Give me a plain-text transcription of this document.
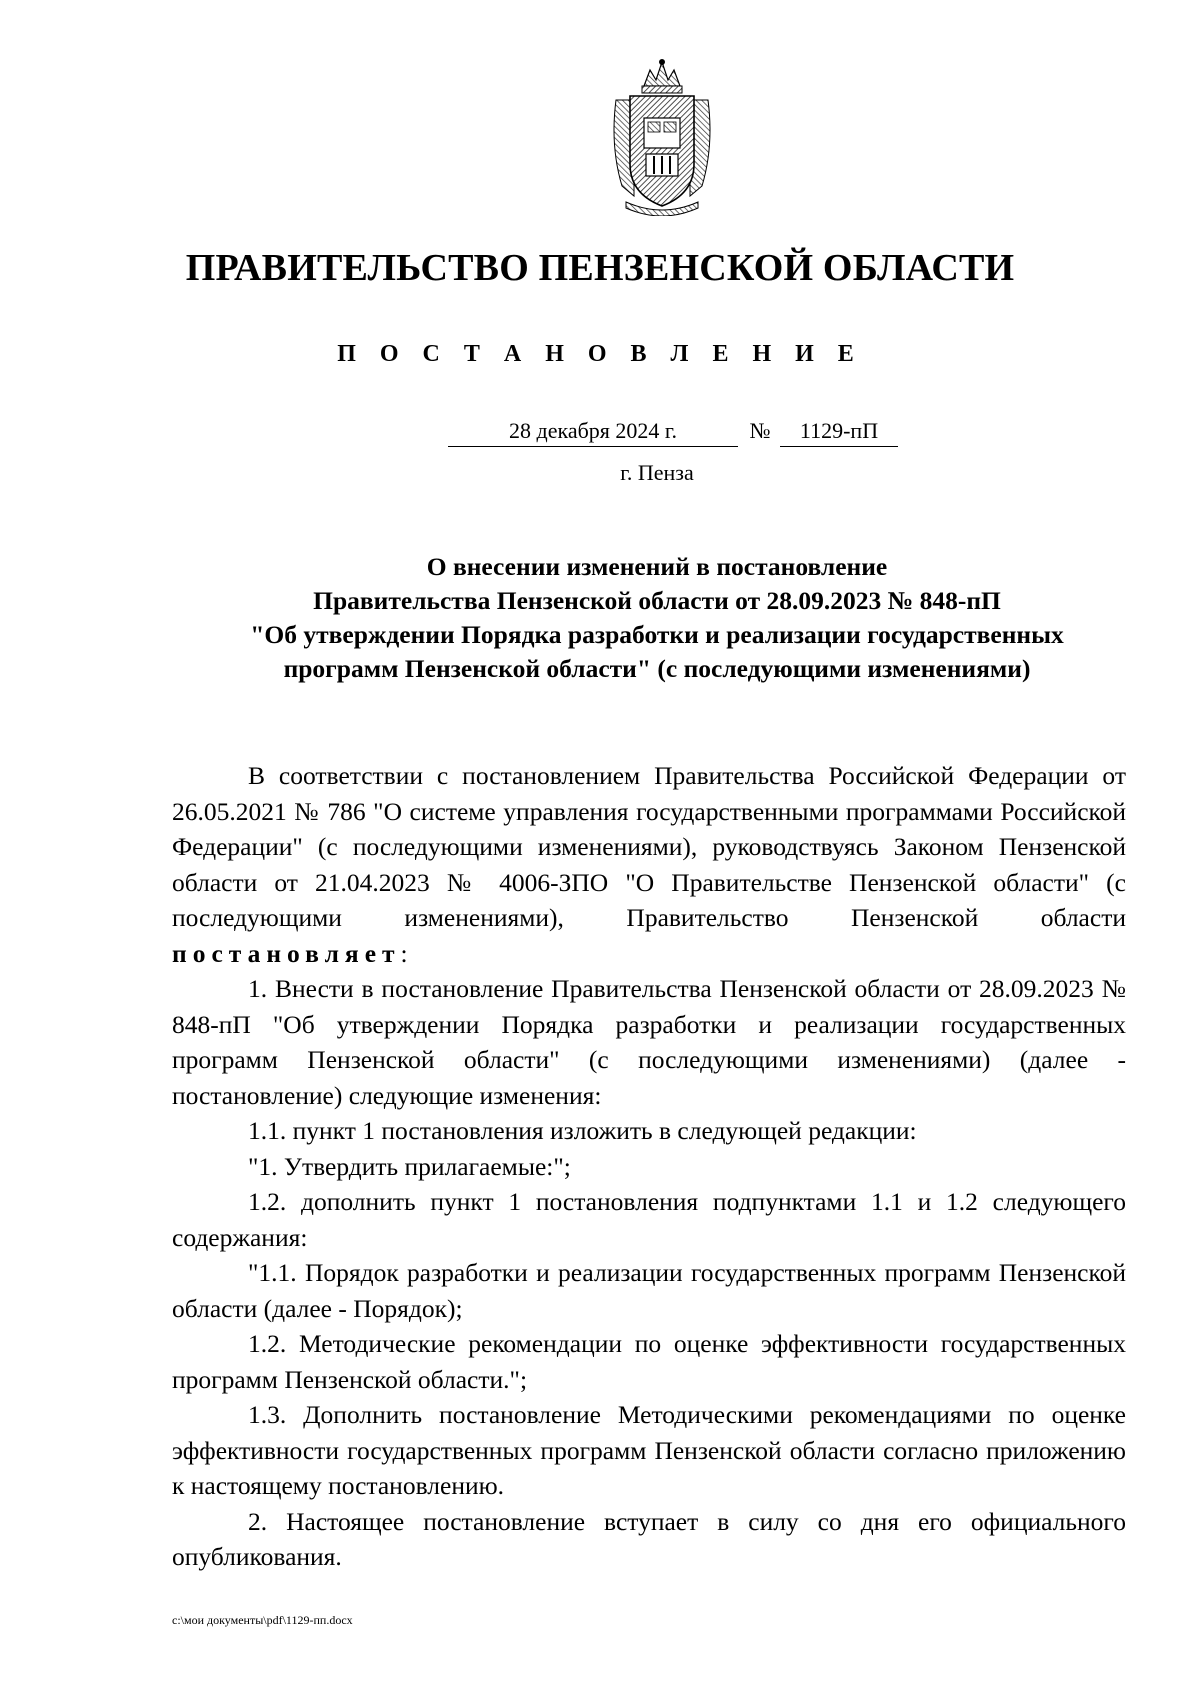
ПРАВИТЕЛЬСТВО ПЕНЗЕНСКОЙ ОБЛАСТИ
П О С Т А Н О В Л Е Н И Е
28 декабря 2024 г.	№	1129-пП
г. Пенза
О внесении изменений в постановление
Правительства Пензенской области от 28.09.2023 № 848-пП
"Об утверждении Порядка разработки и реализации государственных
программ Пензенской области" (с последующими изменениями)

В соответствии с постановлением Правительства Российской Федерации от 26.05.2021 № 786 "О системе управления государственными программами Российской Федерации" (с последующими изменениями), руководствуясь Законом Пензенской области от 21.04.2023 № 4006-ЗПО "О Правительстве Пензенской области" (с последующими изменениями), Правительство Пензенской области постановляет:

1. Внести в постановление Правительства Пензенской области от 28.09.2023 № 848-пП "Об утверждении Порядка разработки и реализации государственных программ Пензенской области" (с последующими изменениями) (далее - постановление) следующие изменения:

1.1. пункт 1 постановления изложить в следующей редакции:

"1. Утвердить прилагаемые:";

1.2. дополнить пункт 1 постановления подпунктами 1.1 и 1.2 следующего содержания:

"1.1. Порядок разработки и реализации государственных программ Пензенской области (далее - Порядок);

1.2. Методические рекомендации по оценке эффективности государственных программ Пензенской области.";

1.3. Дополнить постановление Методическими рекомендациями по оценке эффективности государственных программ Пензенской области согласно приложению к настоящему постановлению.

2. Настоящее постановление вступает в силу со дня его официального опубликования.

c:\мои документы\pdf\1129-пп.docx
